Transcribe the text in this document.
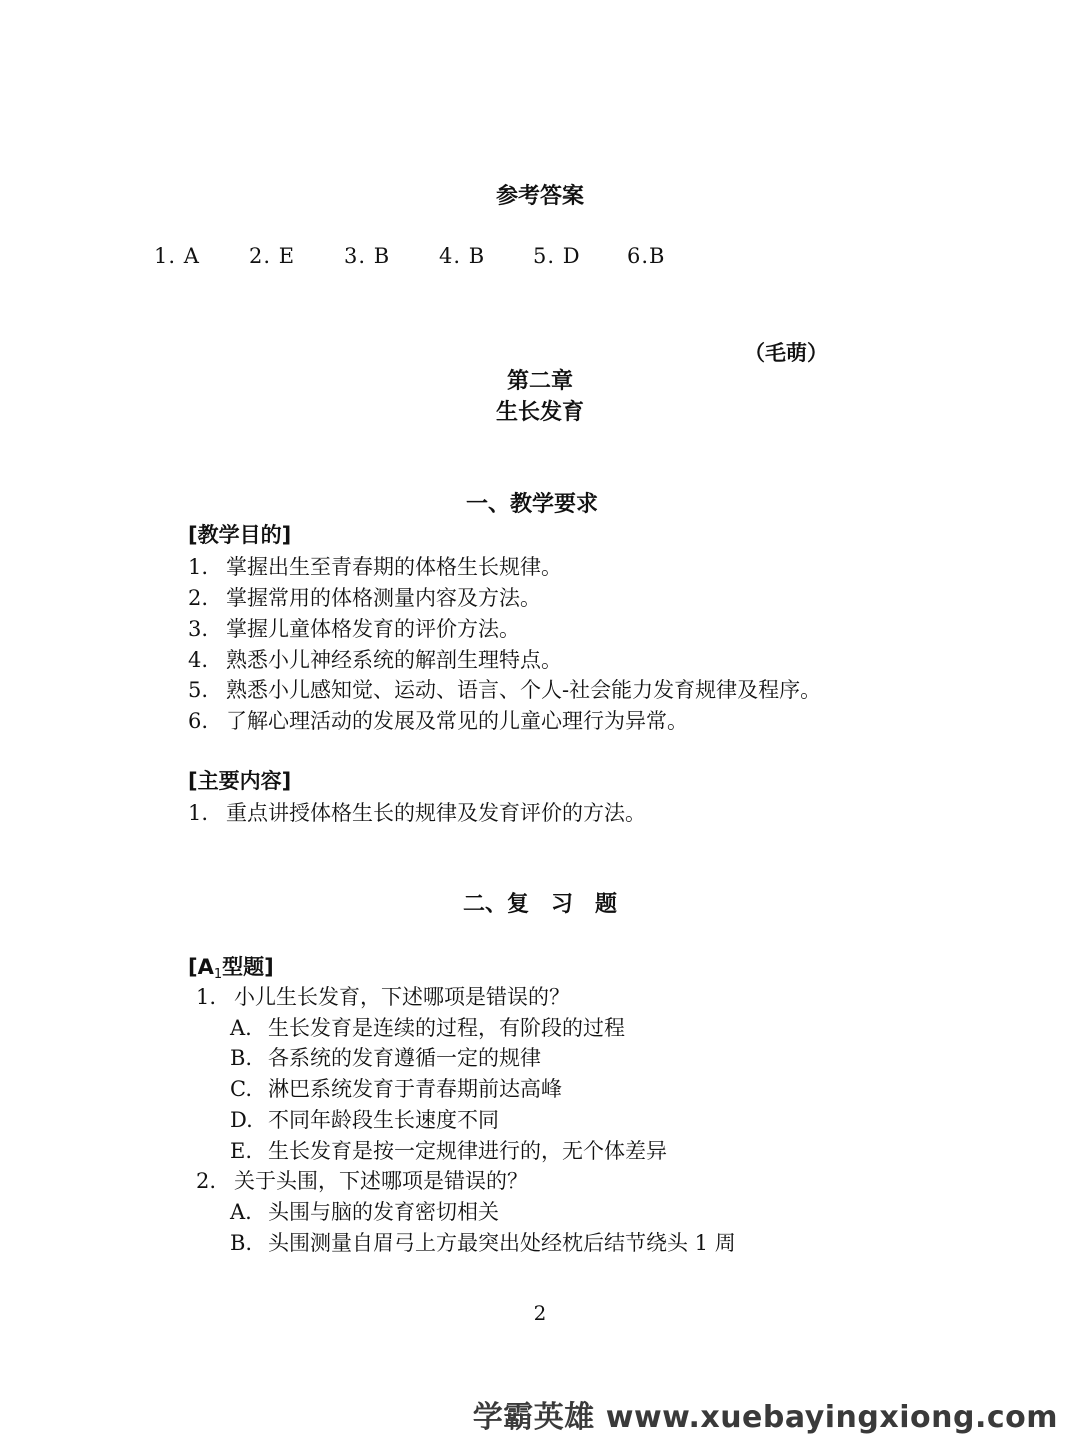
参考答案
1. A 2. E 3. B 4. B 5. D 6.B
（毛萌）
第二章
生长发育
一、教学要求
[教学目的]
1. 掌握出生至青春期的体格生长规律。
2. 掌握常用的体格测量内容及方法。
3. 掌握儿童体格发育的评价方法。
4. 熟悉小儿神经系统的解剖生理特点。
5. 熟悉小儿感知觉、运动、语言、个人-社会能力发育规律及程序。
6. 了解心理活动的发展及常见的儿童心理行为异常。
[主要内容]
1. 重点讲授体格生长的规律及发育评价的方法。
二、复　习　题
[$A_1$型题]
1. 小儿生长发育，下述哪项是错误的？
A. 生长发育是连续的过程，有阶段的过程
B. 各系统的发育遵循一定的规律
C. 淋巴系统发育于青春期前达高峰
D. 不同年龄段生长速度不同
E. 生长发育是按一定规律进行的，无个体差异
2. 关于头围，下述哪项是错误的？
A. 头围与脑的发育密切相关
B. 头围测量自眉弓上方最突出处经枕后结节绕头 1 周
2
学霸英雄 www.xuebayingxiong.com
